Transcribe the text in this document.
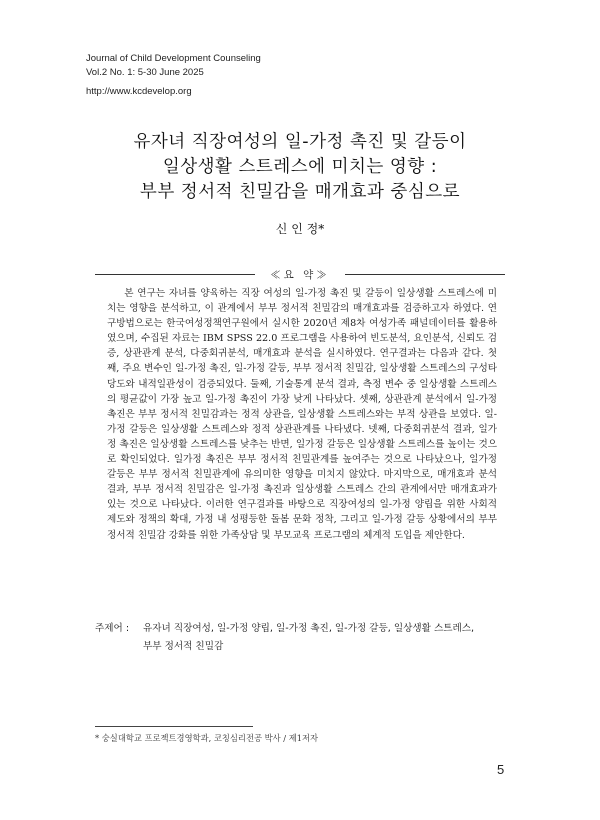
Journal of Child Development Counseling
Vol.2 No. 1: 5-30 June 2025
http://www.kcdevelop.org
유자녀 직장여성의 일-가정 촉진 및 갈등이
일상생활 스트레스에 미치는 영향 :
부부 정서적 친밀감을 매개효과 중심으로
신 인 정*
≪요 약≫

본 연구는 자녀를 양육하는 직장 여성의 일-가정 촉진 및 갈등이 일상생활 스트레스에 미치는 영향을 분석하고, 이 관계에서 부부 정서적 친밀감의 매개효과를 검증하고자 하였다. 연구방법으로는 한국여성정책연구원에서 실시한 2020년 제8차 여성가족 패널데이터를 활용하였으며, 수집된 자료는 IBM SPSS 22.0 프로그램을 사용하여 빈도분석, 요인분석, 신뢰도 검증, 상관관계 분석, 다중회귀분석, 매개효과 분석을 실시하였다. 연구결과는 다음과 같다. 첫째, 주요 변수인 일-가정 촉진, 일-가정 갈등, 부부 정서적 친밀감, 일상생활 스트레스의 구성타당도와 내적일관성이 검증되었다. 둘째, 기술통계 분석 결과, 측정 변수 중 일상생활 스트레스의 평균값이 가장 높고 일-가정 촉진이 가장 낮게 나타났다. 셋째, 상관관계 분석에서 일-가정 촉진은 부부 정서적 친밀감과는 정적 상관을, 일상생활 스트레스와는 부적 상관을 보였다. 일-가정 갈등은 일상생활 스트레스와 정적 상관관계를 나타냈다. 넷째, 다중회귀분석 결과, 일가정 촉진은 일상생활 스트레스를 낮추는 반면, 일가정 갈등은 일상생활 스트레스를 높이는 것으로 확인되었다. 일가정 촉진은 부부 정서적 친밀관계를 높여주는 것으로 나타났으나, 일가정 갈등은 부부 정서적 친밀관계에 유의미한 영향을 미치지 않았다. 마지막으로, 매개효과 분석 결과, 부부 정서적 친밀감은 일-가정 촉진과 일상생활 스트레스 간의 관계에서만 매개효과가 있는 것으로 나타났다. 이러한 연구결과를 바탕으로 직장여성의 일-가정 양립을 위한 사회적 제도와 정책의 확대, 가정 내 성평등한 돌봄 문화 정착, 그리고 일-가정 갈등 상황에서의 부부 정서적 친밀감 강화를 위한 가족상담 및 부모교육 프로그램의 체계적 도입을 제안한다.

주제어 :	유자녀 직장여성, 일-가정 양립, 일-가정 촉진, 일-가정 갈등, 일상생활 스트레스,
부부 정서적 친밀감
* 숭실대학교 프로젝트경영학과, 코칭심리전공 박사 / 제1저자
5
